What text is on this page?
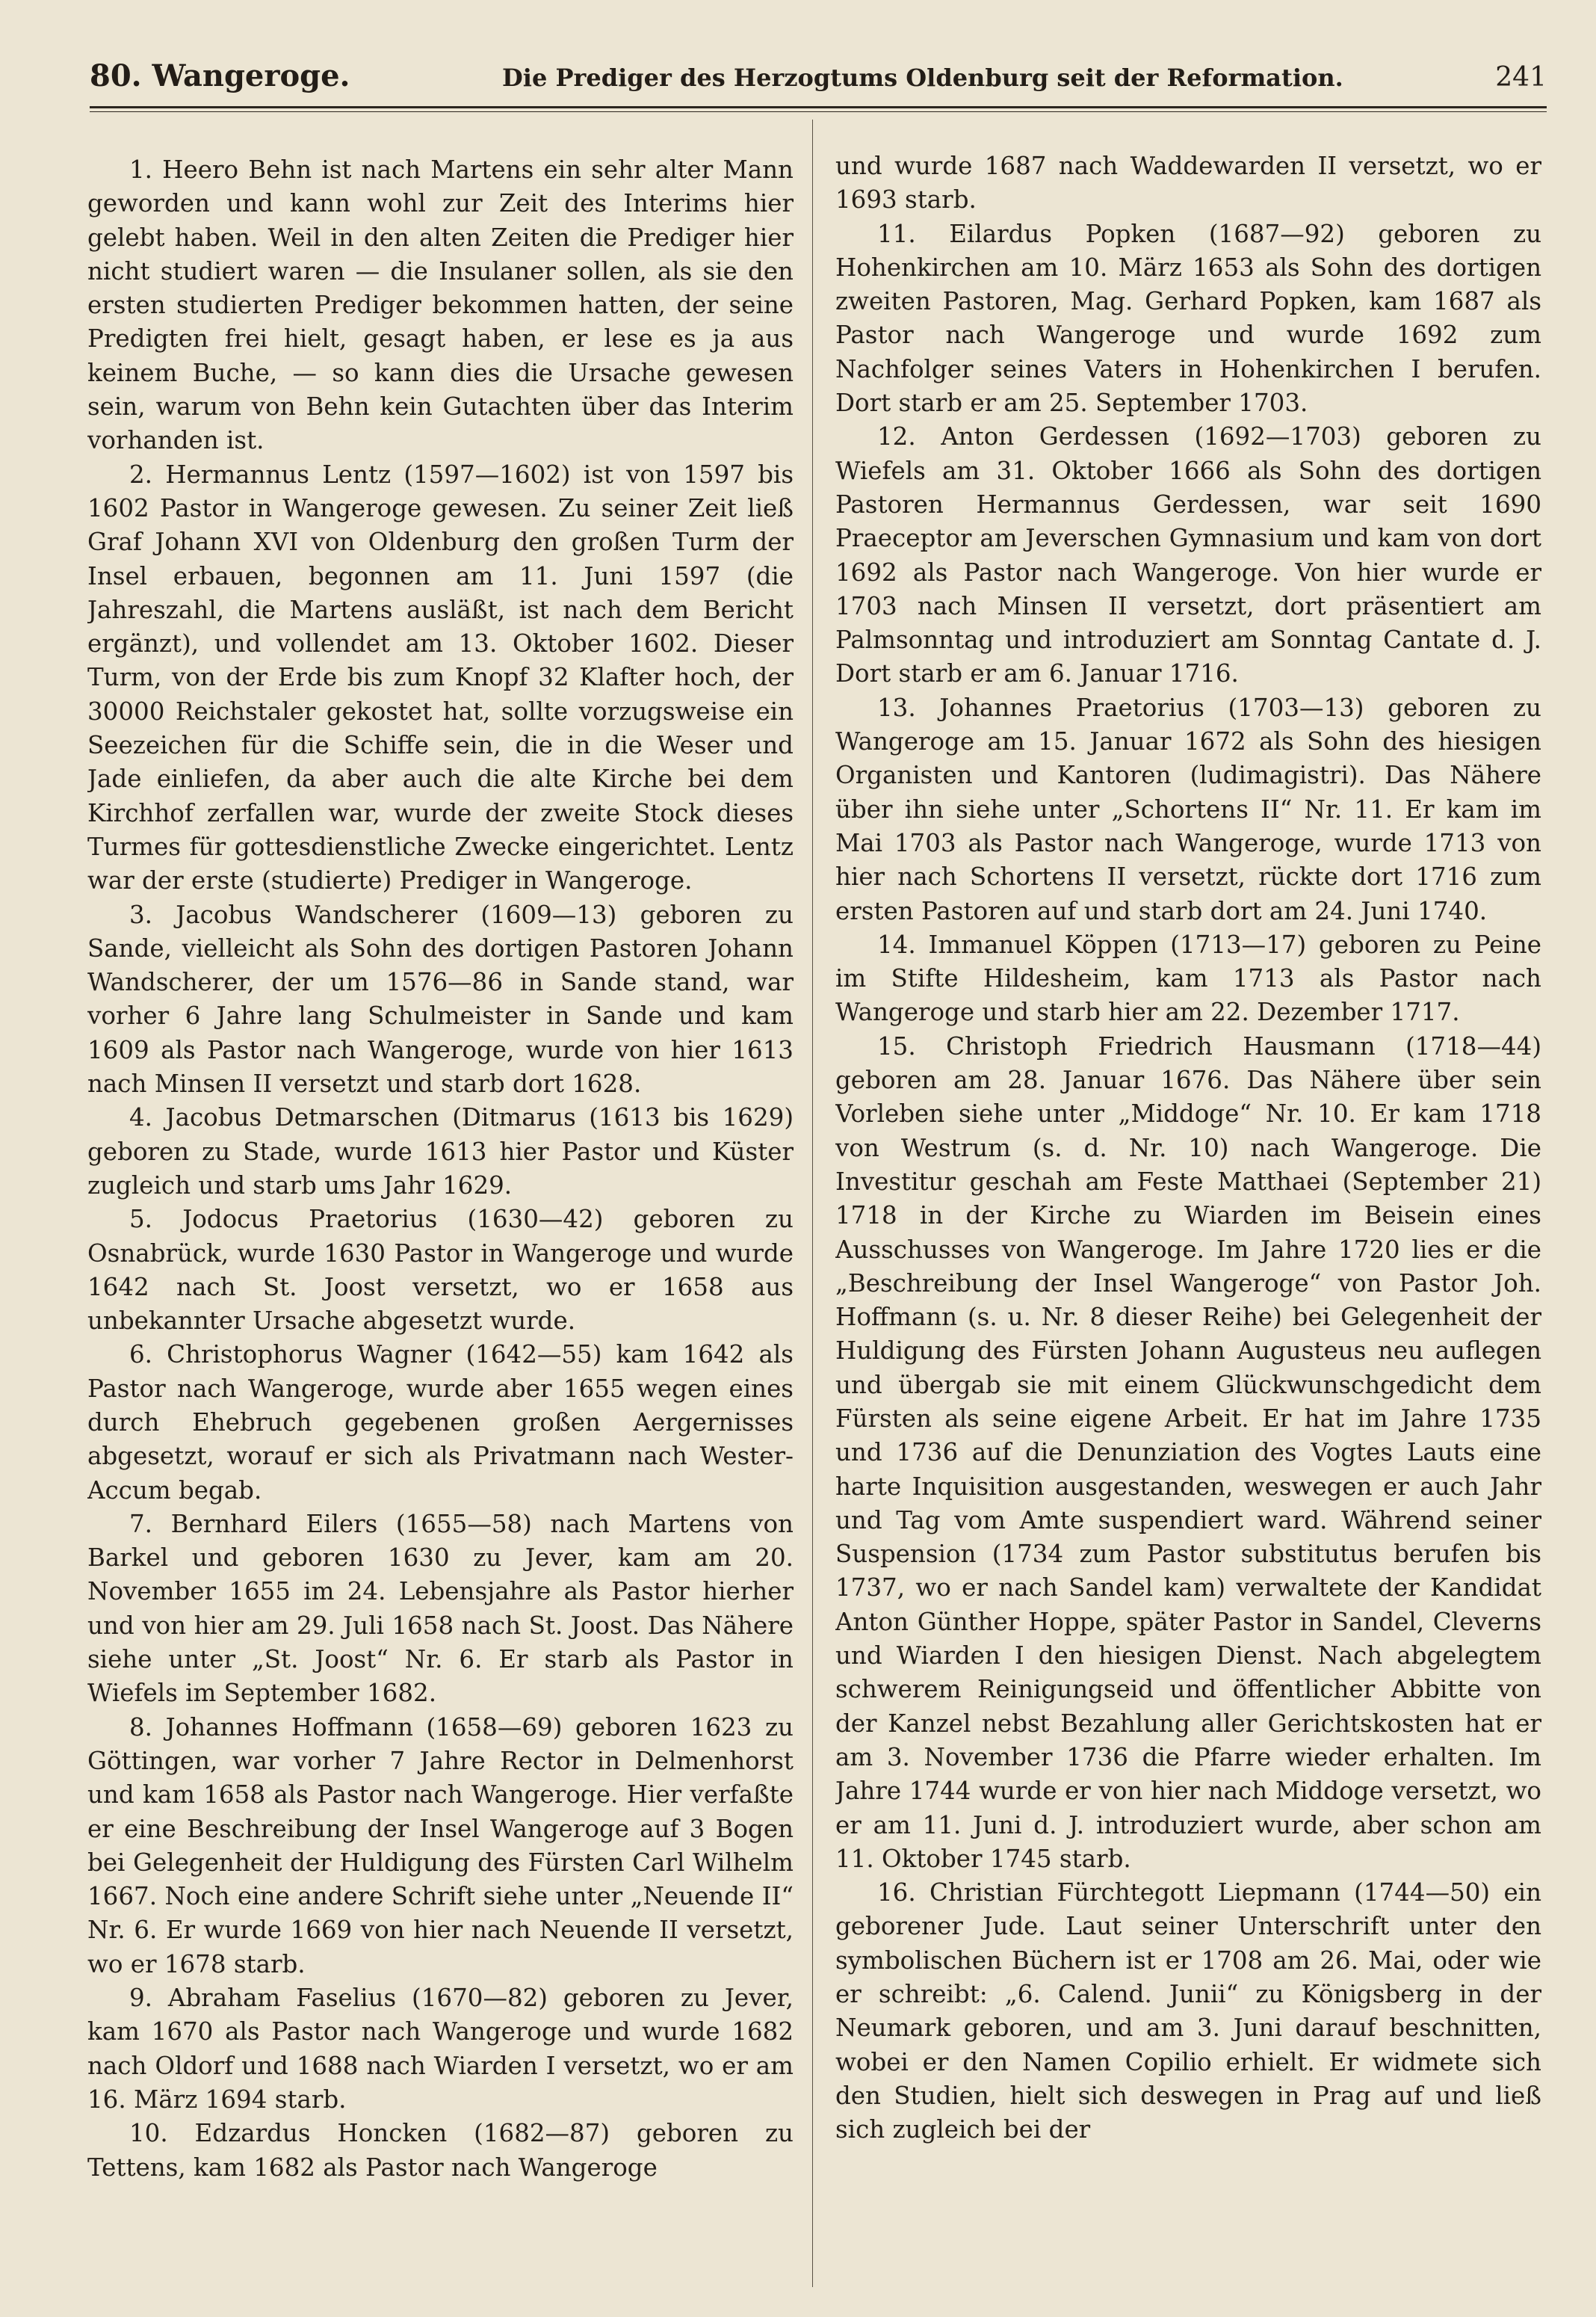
80. Wangeroge.	Die Prediger des Herzogtums Oldenburg seit der Reformation.	241

1. Heero Behn ist nach Martens ein sehr alter Mann geworden und kann wohl zur Zeit des Interims hier gelebt haben. Weil in den alten Zeiten die Prediger hier nicht studiert waren — die Insulaner sollen, als sie den ersten studierten Prediger bekommen hatten, der seine Predigten frei hielt, gesagt haben, er lese es ja aus keinem Buche, — so kann dies die Ursache gewesen sein, warum von Behn kein Gutachten über das Interim vorhanden ist.

2. Hermannus Lentz (1597—1602) ist von 1597 bis 1602 Pastor in Wangeroge gewesen. Zu seiner Zeit ließ Graf Johann XVI von Oldenburg den großen Turm der Insel erbauen, begonnen am 11. Juni 1597 (die Jahreszahl, die Martens ausläßt, ist nach dem Bericht ergänzt), und vollendet am 13. Oktober 1602. Dieser Turm, von der Erde bis zum Knopf 32 Klafter hoch, der 30000 Reichstaler gekostet hat, sollte vorzugsweise ein Seezeichen für die Schiffe sein, die in die Weser und Jade einliefen, da aber auch die alte Kirche bei dem Kirchhof zerfallen war, wurde der zweite Stock dieses Turmes für gottesdienstliche Zwecke eingerichtet. Lentz war der erste (studierte) Prediger in Wangeroge.

3. Jacobus Wandscherer (1609—13) geboren zu Sande, vielleicht als Sohn des dortigen Pastoren Johann Wandscherer, der um 1576—86 in Sande stand, war vorher 6 Jahre lang Schulmeister in Sande und kam 1609 als Pastor nach Wangeroge, wurde von hier 1613 nach Minsen II versetzt und starb dort 1628.

4. Jacobus Detmarschen (Ditmarus (1613 bis 1629) geboren zu Stade, wurde 1613 hier Pastor und Küster zugleich und starb ums Jahr 1629.

5. Jodocus Praetorius (1630—42) geboren zu Osnabrück, wurde 1630 Pastor in Wangeroge und wurde 1642 nach St. Joost versetzt, wo er 1658 aus unbekannter Ursache abgesetzt wurde.

6. Christophorus Wagner (1642—55) kam 1642 als Pastor nach Wangeroge, wurde aber 1655 wegen eines durch Ehebruch gegebenen großen Aergernisses abgesetzt, worauf er sich als Privatmann nach Wester-Accum begab.

7. Bernhard Eilers (1655—58) nach Martens von Barkel und geboren 1630 zu Jever, kam am 20. November 1655 im 24. Lebensjahre als Pastor hierher und von hier am 29. Juli 1658 nach St. Joost. Das Nähere siehe unter „St. Joost“ Nr. 6. Er starb als Pastor in Wiefels im September 1682.

8. Johannes Hoffmann (1658—69) geboren 1623 zu Göttingen, war vorher 7 Jahre Rector in Delmenhorst und kam 1658 als Pastor nach Wangeroge. Hier verfaßte er eine Beschreibung der Insel Wangeroge auf 3 Bogen bei Gelegenheit der Huldigung des Fürsten Carl Wilhelm 1667. Noch eine andere Schrift siehe unter „Neuende II“ Nr. 6. Er wurde 1669 von hier nach Neuende II versetzt, wo er 1678 starb.

9. Abraham Faselius (1670—82) geboren zu Jever, kam 1670 als Pastor nach Wangeroge und wurde 1682 nach Oldorf und 1688 nach Wiarden I versetzt, wo er am 16. März 1694 starb.

10. Edzardus Honcken (1682—87) geboren zu Tettens, kam 1682 als Pastor nach Wangeroge

und wurde 1687 nach Waddewarden II versetzt, wo er 1693 starb.

11. Eilardus Popken (1687—92) geboren zu Hohenkirchen am 10. März 1653 als Sohn des dortigen zweiten Pastoren, Mag. Gerhard Popken, kam 1687 als Pastor nach Wangeroge und wurde 1692 zum Nachfolger seines Vaters in Hohenkirchen I berufen. Dort starb er am 25. September 1703.

12. Anton Gerdessen (1692—1703) geboren zu Wiefels am 31. Oktober 1666 als Sohn des dortigen Pastoren Hermannus Gerdessen, war seit 1690 Praeceptor am Jeverschen Gymnasium und kam von dort 1692 als Pastor nach Wangeroge. Von hier wurde er 1703 nach Minsen II versetzt, dort präsentiert am Palmsonntag und introduziert am Sonntag Cantate d. J. Dort starb er am 6. Januar 1716.

13. Johannes Praetorius (1703—13) geboren zu Wangeroge am 15. Januar 1672 als Sohn des hiesigen Organisten und Kantoren (ludimagistri). Das Nähere über ihn siehe unter „Schortens II“ Nr. 11. Er kam im Mai 1703 als Pastor nach Wangeroge, wurde 1713 von hier nach Schortens II versetzt, rückte dort 1716 zum ersten Pastoren auf und starb dort am 24. Juni 1740.

14. Immanuel Köppen (1713—17) geboren zu Peine im Stifte Hildesheim, kam 1713 als Pastor nach Wangeroge und starb hier am 22. Dezember 1717.

15. Christoph Friedrich Hausmann (1718—44) geboren am 28. Januar 1676. Das Nähere über sein Vorleben siehe unter „Middoge“ Nr. 10. Er kam 1718 von Westrum (s. d. Nr. 10) nach Wangeroge. Die Investitur geschah am Feste Matthaei (September 21) 1718 in der Kirche zu Wiarden im Beisein eines Ausschusses von Wangeroge. Im Jahre 1720 lies er die „Beschreibung der Insel Wangeroge“ von Pastor Joh. Hoffmann (s. u. Nr. 8 dieser Reihe) bei Gelegenheit der Huldigung des Fürsten Johann Augusteus neu auflegen und übergab sie mit einem Glückwunschgedicht dem Fürsten als seine eigene Arbeit. Er hat im Jahre 1735 und 1736 auf die Denunziation des Vogtes Lauts eine harte Inquisition ausgestanden, weswegen er auch Jahr und Tag vom Amte suspendiert ward. Während seiner Suspension (1734 zum Pastor substitutus berufen bis 1737, wo er nach Sandel kam) verwaltete der Kandidat Anton Günther Hoppe, später Pastor in Sandel, Cleverns und Wiarden I den hiesigen Dienst. Nach abgelegtem schwerem Reinigungseid und öffentlicher Abbitte von der Kanzel nebst Bezahlung aller Gerichtskosten hat er am 3. November 1736 die Pfarre wieder erhalten. Im Jahre 1744 wurde er von hier nach Middoge versetzt, wo er am 11. Juni d. J. introduziert wurde, aber schon am 11. Oktober 1745 starb.

16. Christian Fürchtegott Liepmann (1744—50) ein geborener Jude. Laut seiner Unterschrift unter den symbolischen Büchern ist er 1708 am 26. Mai, oder wie er schreibt: „6. Calend. Junii“ zu Königsberg in der Neumark geboren, und am 3. Juni darauf beschnitten, wobei er den Namen Copilio erhielt. Er widmete sich den Studien, hielt sich deswegen in Prag auf und ließ sich zugleich bei der
